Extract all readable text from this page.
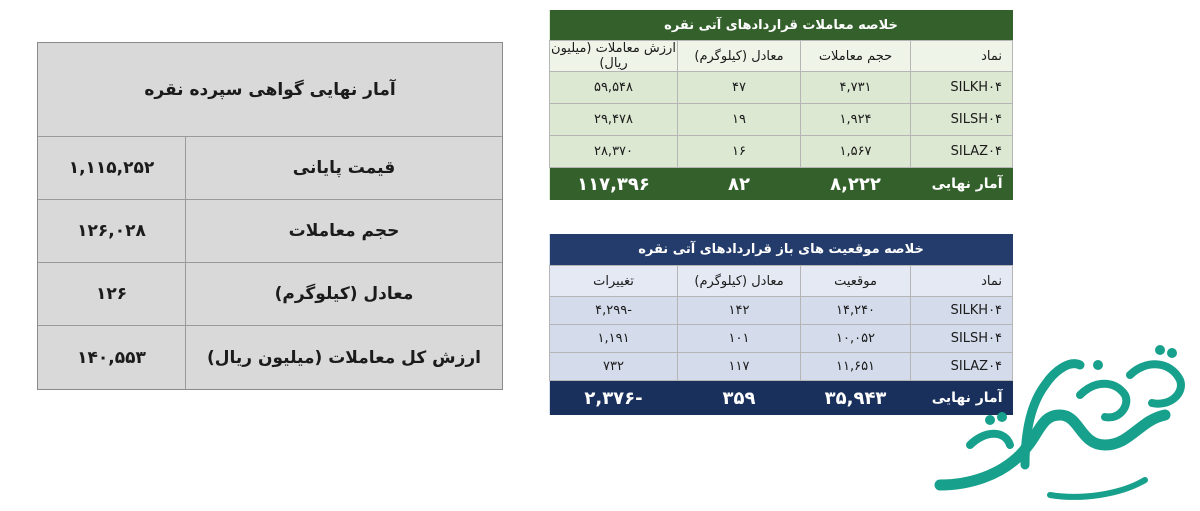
آمار نهایی گواهی سپرده نقره
۱,۱۱۵,۲۵۲	قیمت پایانی
۱۲۶,۰۲۸	حجم معاملات
۱۲۶	معادل (کیلوگرم)
۱۴۰,۵۵۳	ارزش کل معاملات (میلیون ریال)
خلاصه معاملات قراردادهای آتی نقره			
نماد	حجم معاملات	معادل (کیلوگرم)	ارزش معاملات (میلیون ریال)
SILKH۰۴	۴,۷۳۱	۴۷	۵۹,۵۴۸
SILSH۰۴	۱,۹۲۴	۱۹	۲۹,۴۷۸
SILAZ۰۴	۱,۵۶۷	۱۶	۲۸,۳۷۰
آمار نهایی	۸,۲۲۲	۸۲	۱۱۷,۳۹۶
خلاصه موقعیت های باز قراردادهای آتی نقره			
نماد	موقعیت	معادل (کیلوگرم)	تغییرات
SILKH۰۴	۱۴,۲۴۰	۱۴۲	-۴,۲۹۹
SILSH۰۴	۱۰,۰۵۲	۱۰۱	۱,۱۹۱
SILAZ۰۴	۱۱,۶۵۱	۱۱۷	۷۳۲
آمار نهایی	۳۵,۹۴۳	۳۵۹	-۲,۳۷۶
